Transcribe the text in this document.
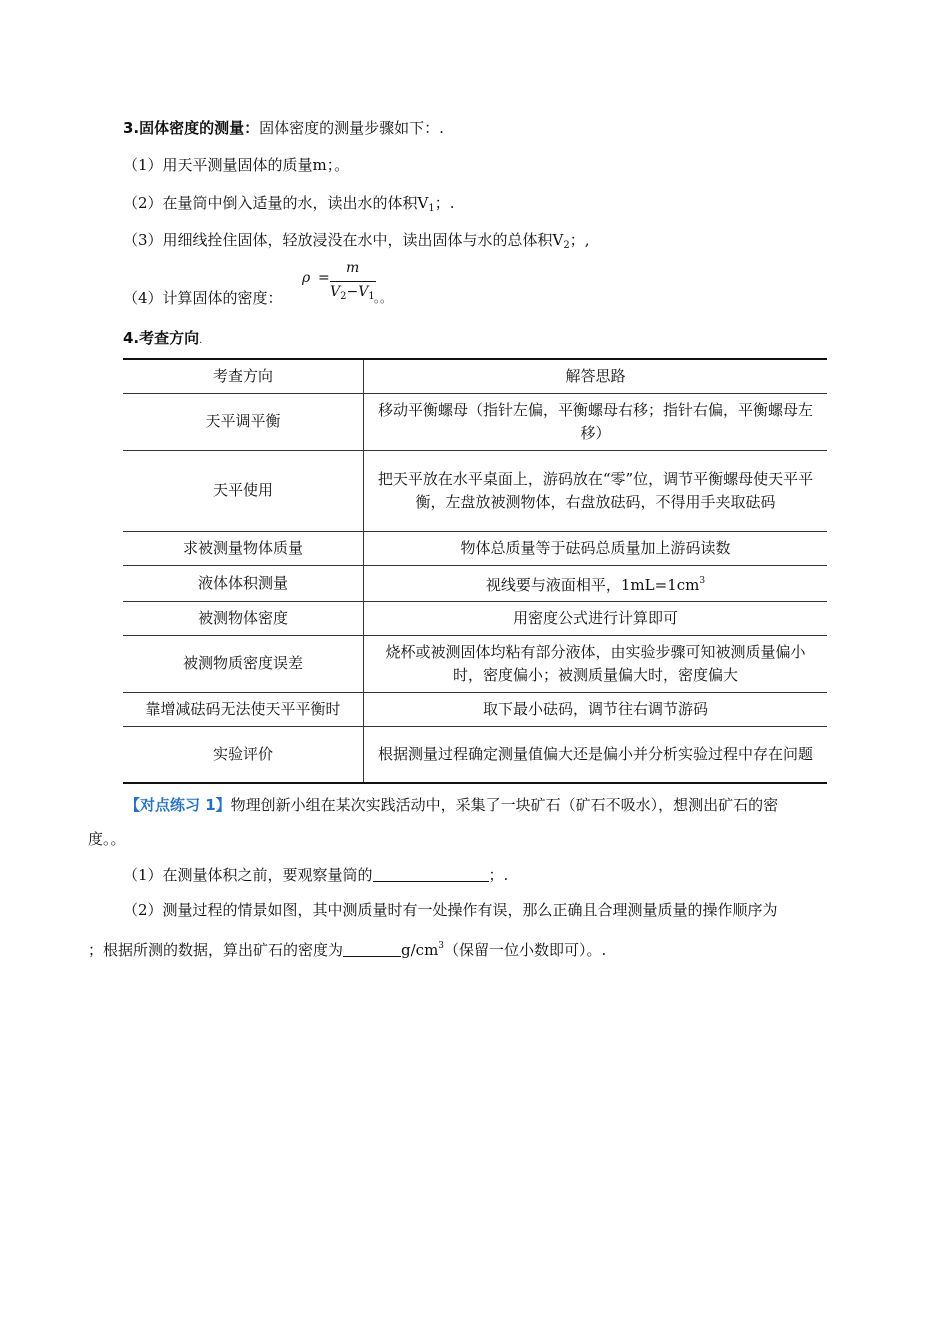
3.固体密度的测量：固体密度的测量步骤如下：.
（1）用天平测量固体的质量m；。
（2）在量筒中倒入适量的水，读出水的体积$V_1$；.
（3）用细线拴住固体，轻放浸没在水中，读出固体与水的总体积$V_2$；,
（4）计算固体的密度：
ρ =
m
$V_2-V_1$ 。。
4.考查方向.
考查方向	解答思路
天平调平衡	移动平衡螺母（指针左偏，平衡螺母右移；指针右偏，平衡螺母左移）
天平使用	把天平放在水平桌面上，游码放在“零”位，调节平衡螺母使天平平衡，左盘放被测物体，右盘放砝码，不得用手夹取砝码
求被测量物体质量	物体总质量等于砝码总质量加上游码读数
液体体积测量	视线要与液面相平，$1mL=1cm^3$
被测物体密度	用密度公式进行计算即可
被测物质密度误差	烧杯或被测固体均粘有部分液体，由实验步骤可知被测质量偏小时，密度偏小；被测质量偏大时，密度偏大
靠增减砝码无法使天平平衡时	取下最小砝码，调节往右调节游码
实验评价	根据测量过程确定测量值偏大还是偏小并分析实验过程中存在问题
【对点练习 1】物理创新小组在某次实践活动中，采集了一块矿石（矿石不吸水），想测出矿石的密
度。。
（1）在测量体积之前，要观察量筒的	；.
（2）测量过程的情景如图，其中测质量时有一处操作有误，那么正确且合理测量质量的操作顺序为
；根据所测的数据，算出矿石的密度为	$g/cm^3$（保留一位小数即可）。.
